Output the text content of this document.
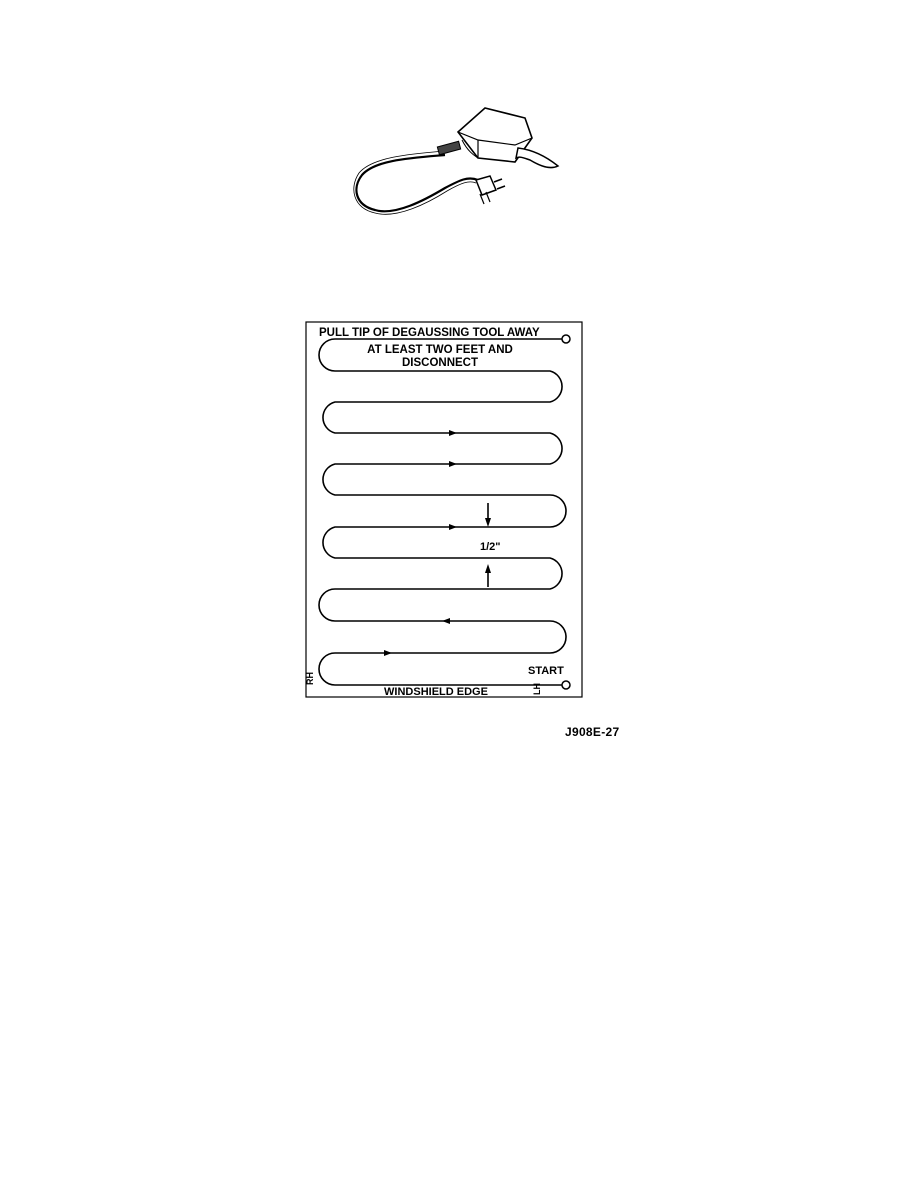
PULL TIP OF DEGAUSSING TOOL AWAY
AT LEAST TWO FEET AND
DISCONNECT
1/2"
START
WINDSHIELD EDGE
RH
LH
J908E-27
